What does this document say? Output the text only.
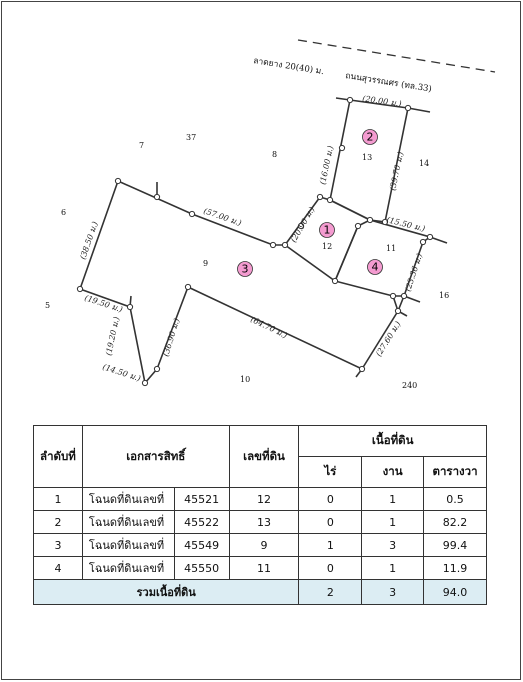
ลาดยาง 20(40) ม.
ถนนสุวรรณศร (ทล.33)
(20.00 ม.)
(16.00 ม.)	(39.70 ม.)
(57.00 ม.)	(20.90 ม.)	(15.50 ม.)
(38.50 ม.)
(23.36 ม.)
(19.50 ม.)
(19.20 ม.)
(14.50 ม.)
(36.90 ม.)	(64.70 ม.)	(27.60 ม.)
7
37
8	13
14
6
9
12	11
16
5
10
240
1
2
3	4
ลำดับที่	เอกสารสิทธิ์		เลขที่ดิน	เนื้อที่ดิน		
				ไร่	งาน	ตารางวา
1	โฉนดที่ดินเลขที่	45521	12	0	1	0.5
2	โฉนดที่ดินเลขที่	45522	13	0	1	82.2
3	โฉนดที่ดินเลขที่	45549	9	1	3	99.4
4	โฉนดที่ดินเลขที่	45550	11	0	1	11.9
รวมเนื้อที่ดิน				2	3	94.0
